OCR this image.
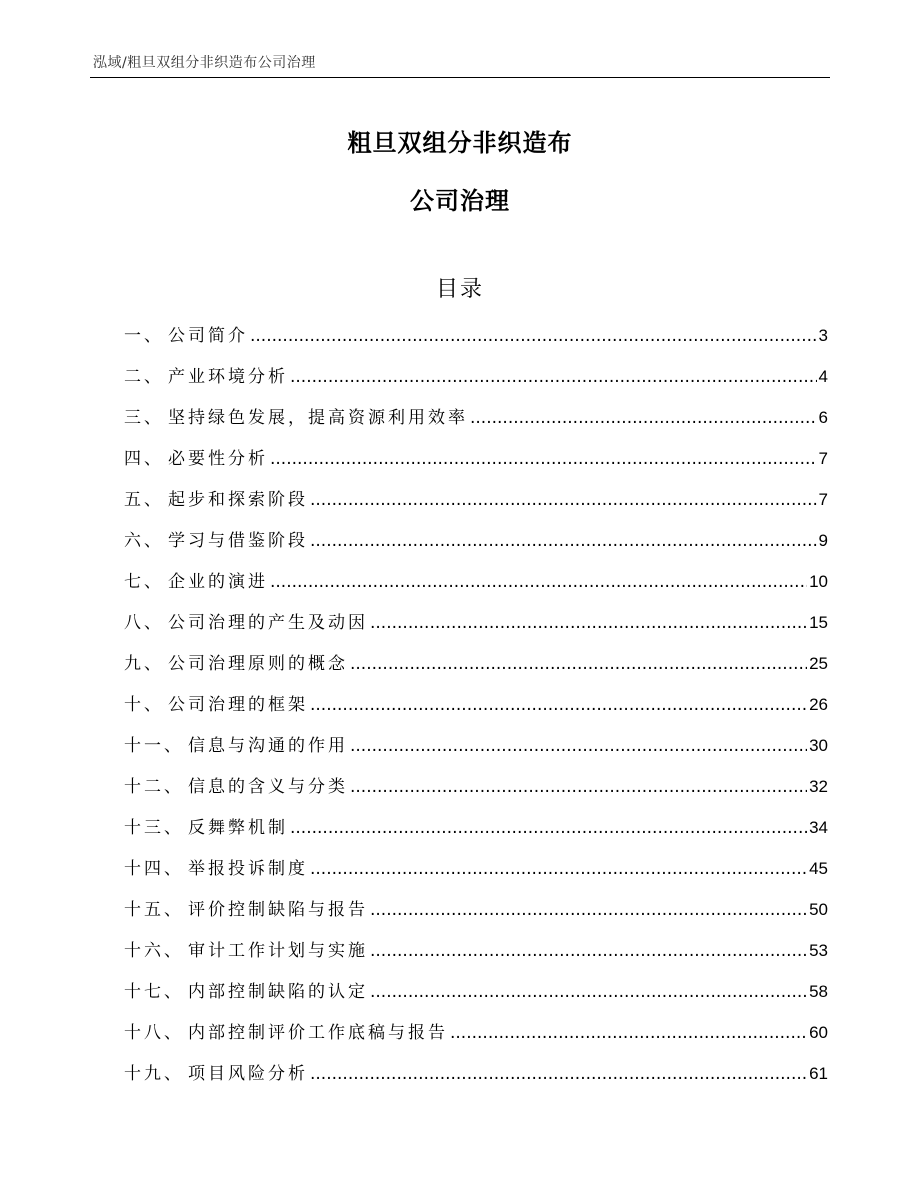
泓域/粗旦双组分非织造布公司治理
粗旦双组分非织造布
公司治理
目录
一、 公司简介 .....	3
二、 产业环境分析 .....	4
三、 坚持绿色发展，提高资源利用效率 .....	6
四、 必要性分析 .....	7
五、 起步和探索阶段 .....	7
六、 学习与借鉴阶段 .....	9
七、 企业的演进 .....	10
八、 公司治理的产生及动因 .....	15
九、 公司治理原则的概念 .....	25
十、 公司治理的框架 .....	26
十一、 信息与沟通的作用 .....	30
十二、 信息的含义与分类 .....	32
十三、 反舞弊机制 .....	34
十四、 举报投诉制度 .....	45
十五、 评价控制缺陷与报告 .....	50
十六、 审计工作计划与实施 .....	53
十七、 内部控制缺陷的认定 .....	58
十八、 内部控制评价工作底稿与报告 .....	60
十九、 项目风险分析 .....	61
